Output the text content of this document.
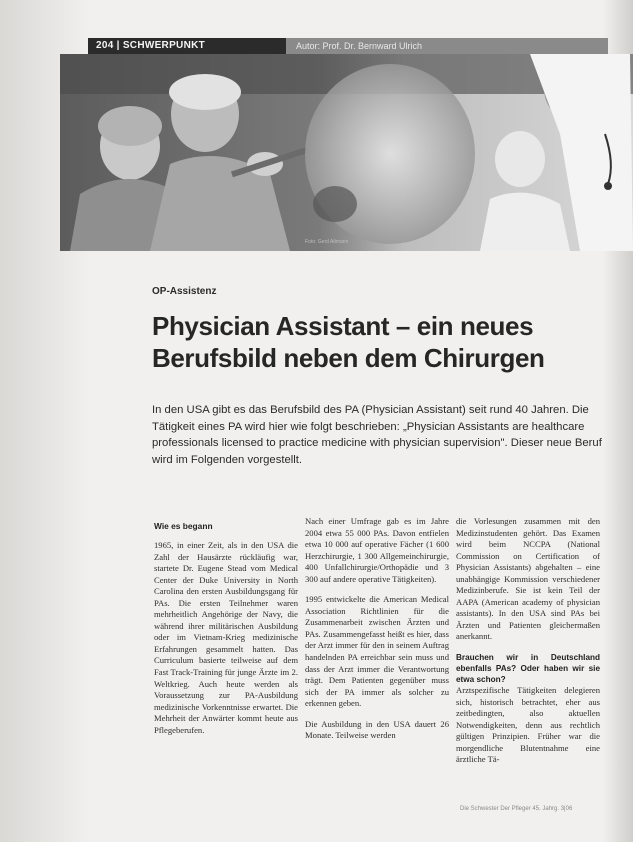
204 | SCHWERPUNKT	Autor: Prof. Dr. Bernward Ulrich
Foto: Gerd Altmann
OP-Assistenz
Physician Assistant – ein neues
Berufsbild neben dem Chirurgen
In den USA gibt es das Berufsbild des PA (Physician Assistant) seit rund 40 Jahren. Die Tätigkeit eines PA wird hier wie folgt beschrieben: „Physician Assistants are healthcare professionals licensed to practice medicine with physician supervision". Dieser neue Beruf wird im Folgenden vorgestellt.
Wie es begann

1965, in einer Zeit, als in den USA die Zahl der Hausärzte rückläufig war, startete Dr. Eugene Stead vom Medical Center der Duke University in North Carolina den ersten Ausbildungsgang für PAs. Die ersten Teilnehmer waren mehrheitlich Angehörige der Navy, die während ihrer militärischen Ausbildung oder im Vietnam-Krieg medizinische Erfahrungen gesammelt hatten. Das Curriculum basierte teilweise auf dem Fast Track-Training für junge Ärzte im 2. Weltkrieg. Auch heute werden als Voraussetzung zur PA-Ausbildung medizinische Vorkenntnisse erwartet. Die Mehrheit der Anwärter kommt heute aus Pflegeberufen.

Nach einer Umfrage gab es im Jahre 2004 etwa 55 000 PAs. Davon entfielen etwa 10 000 auf operative Fächer (1 600 Herzchirurgie, 1 300 Allgemeinchirurgie, 400 Unfallchirurgie/Orthopädie und 3 300 auf andere operative Tätigkeiten).

1995 entwickelte die American Medical Association Richtlinien für die Zusammenarbeit zwischen Ärzten und PAs. Zusammengefasst heißt es hier, dass der Arzt immer für den in seinem Auftrag handelnden PA erreichbar sein muss und dass der Arzt immer die Verantwortung trägt. Dem Patienten gegenüber muss sich der PA immer als solcher zu erkennen geben.

Die Ausbildung in den USA dauert 26 Monate. Teilweise werden

die Vorlesungen zusammen mit den Medizinstudenten gehört. Das Examen wird beim NCCPA (National Commission on Certification of Physician Assistants) abgehalten – eine unabhängige Kommission verschiedener Medizinberufe. Sie ist kein Teil der AAPA (American academy of physician assistants). In den USA sind PAs bei Ärzten und Patienten gleichermaßen anerkannt.

Brauchen wir in Deutschland ebenfalls PAs? Oder haben wir sie etwa schon?

Arztspezifische Tätigkeiten delegieren sich, historisch betrachtet, eher aus zeitbedingten, also aktuellen Notwendigkeiten, denn aus rechtlich gültigen Prinzipien. Früher war die morgendliche Blutentnahme eine ärztliche Tä-

Die Schwester Der Pfleger 45. Jahrg. 3|06
